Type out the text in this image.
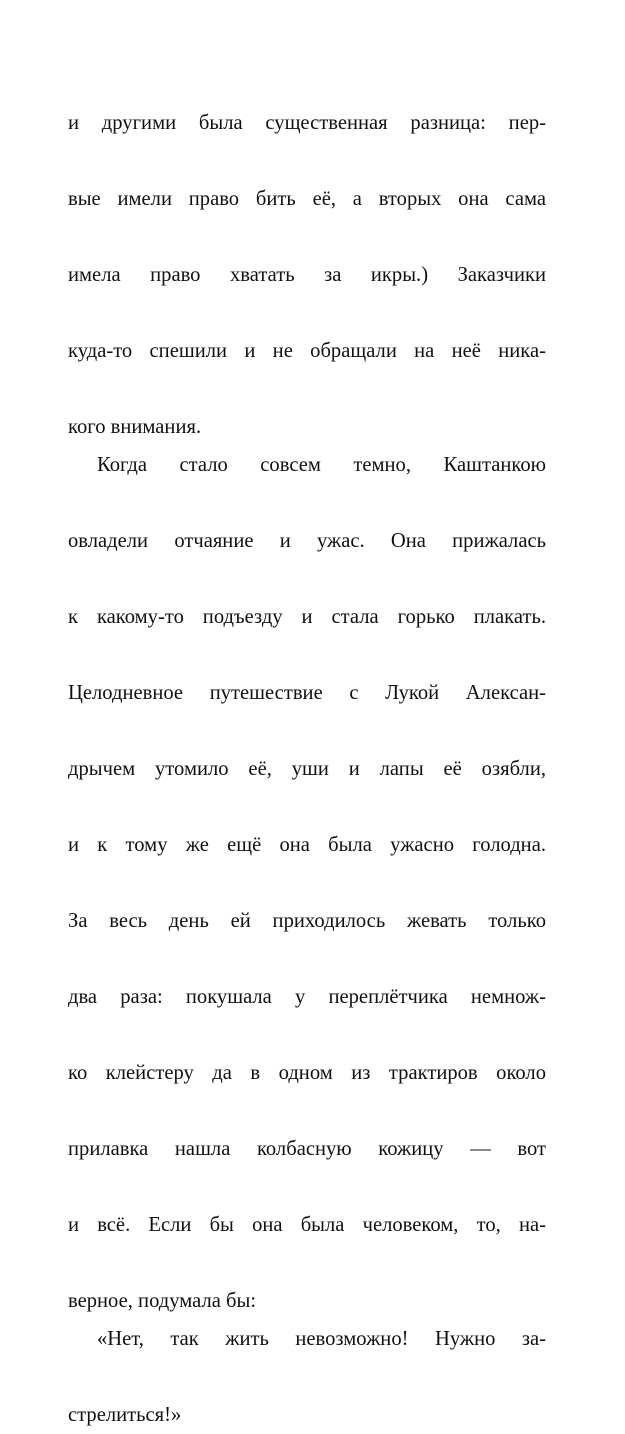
и другими была существенная разница: пер-
вые имели право бить её, а вторых она сама
имела право хватать за икры.) Заказчики
куда-то спешили и не обращали на неё ника-
кого внимания.
Когда стало совсем темно, Каштанкою
овладели отчаяние и ужас. Она прижалась
к какому-то подъезду и стала горько плакать.
Целодневное путешествие с Лукой Алексан-
дрычем утомило её, уши и лапы её озябли,
и к тому же ещё она была ужасно голодна.
За весь день ей приходилось жевать только
два раза: покушала у переплётчика немнож-
ко клейстеру да в одном из трактиров около
прилавка нашла колбасную кожицу — вот
и всё. Если бы она была человеком, то, на-
верное, подумала бы:
«Нет, так жить невозможно! Нужно за-
стрелиться!»
